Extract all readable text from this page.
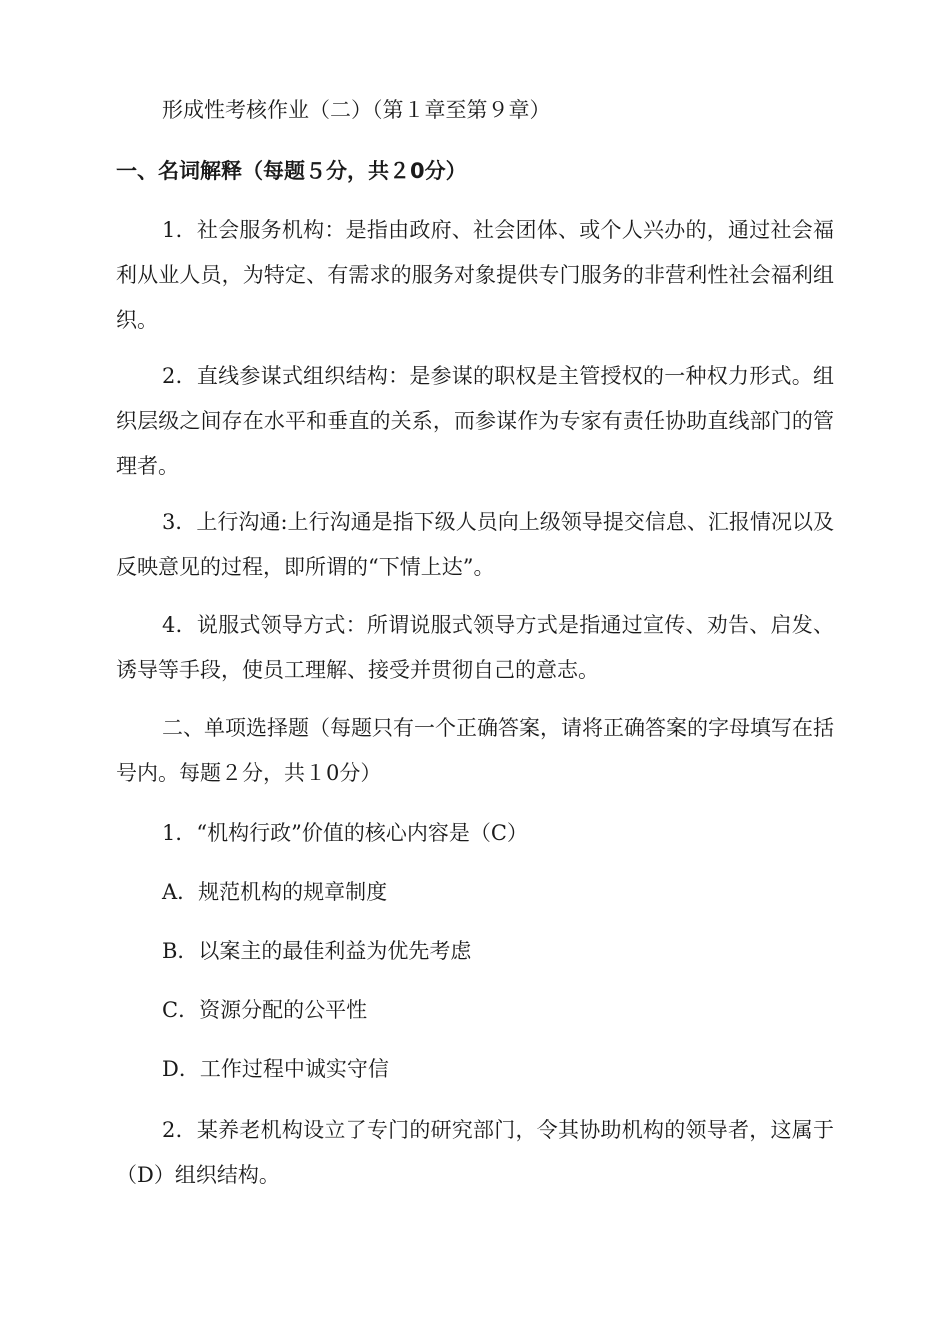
形成性考核作业（二）（第１章至第９章）
一、名词解释（每题５分，共２0分）

1．社会服务机构：是指由政府、社会团体、或个人兴办的，通过社会福利从业人员，为特定、有需求的服务对象提供专门服务的非营利性社会福利组织。

2．直线参谋式组织结构：是参谋的职权是主管授权的一种权力形式。组织层级之间存在水平和垂直的关系，而参谋作为专家有责任协助直线部门的管理者。

3．上行沟通:上行沟通是指下级人员向上级领导提交信息、汇报情况以及反映意见的过程，即所谓的“下情上达”。

4．说服式领导方式：所谓说服式领导方式是指通过宣传、劝告、启发、诱导等手段，使员工理解、接受并贯彻自己的意志。

二、单项选择题（每题只有一个正确答案，请将正确答案的字母填写在括号内。每题２分，共１0分）

1．“机构行政”价值的核心内容是（C）
A．规范机构的规章制度
B．以案主的最佳利益为优先考虑
C．资源分配的公平性
D．工作过程中诚实守信

2．某养老机构设立了专门的研究部门，令其协助机构的领导者，这属于（D）组织结构。
